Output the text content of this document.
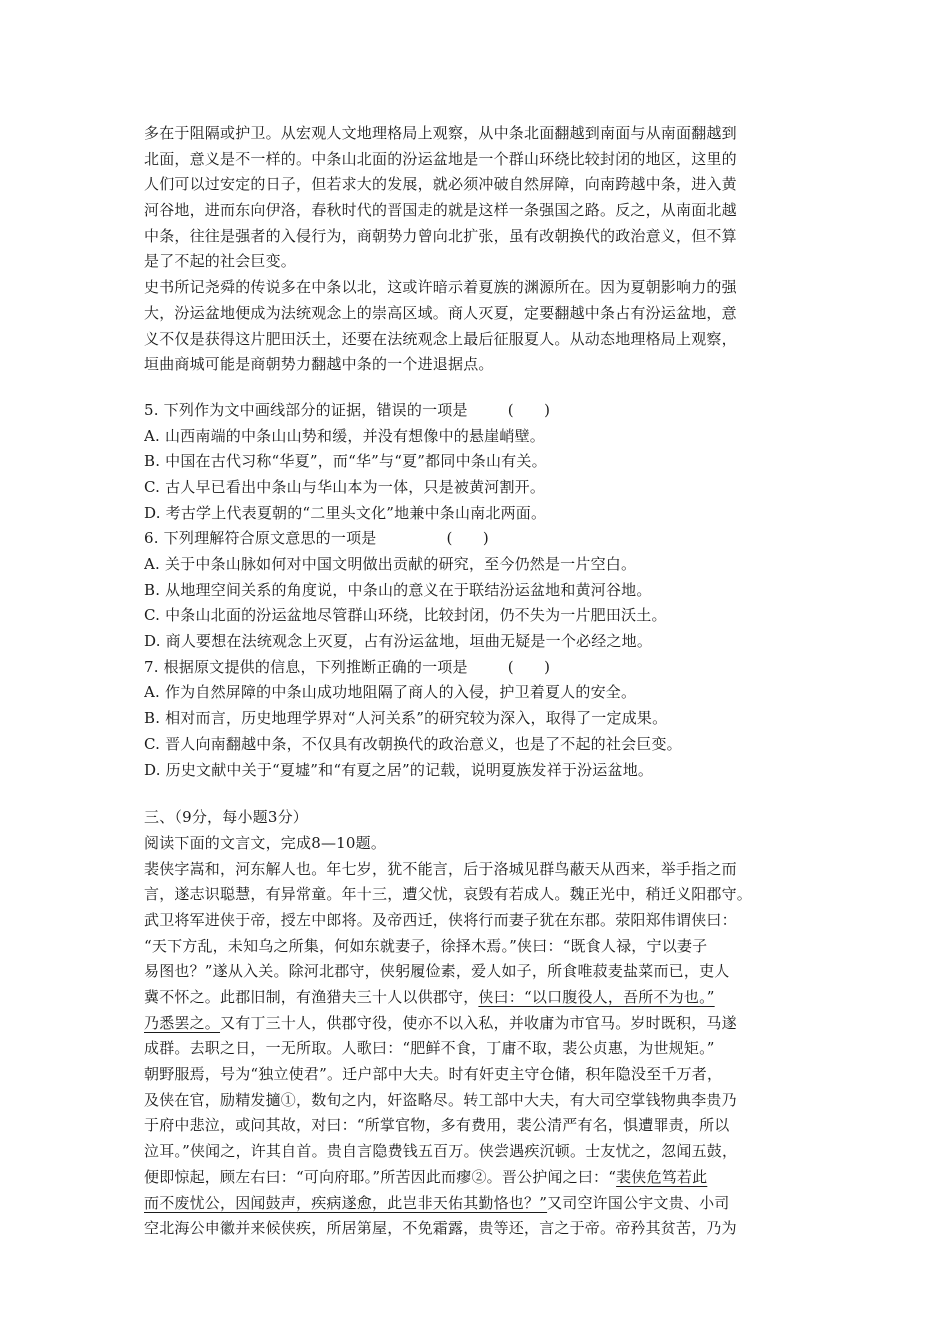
多在于阻隔或护卫。从宏观人文地理格局上观察，从中条北面翻越到南面与从南面翻越到
北面，意义是不一样的。中条山北面的汾运盆地是一个群山环绕比较封闭的地区，这里的
人们可以过安定的日子，但若求大的发展，就必须冲破自然屏障，向南跨越中条，进入黄
河谷地，进而东向伊洛，春秋时代的晋国走的就是这样一条强国之路。反之，从南面北越
中条，往往是强者的入侵行为，商朝势力曾向北扩张，虽有改朝换代的政治意义，但不算
是了不起的社会巨变。
史书所记尧舜的传说多在中条以北，这或许暗示着夏族的渊源所在。因为夏朝影响力的强
大，汾运盆地便成为法统观念上的崇高区域。商人灭夏，定要翻越中条占有汾运盆地，意
义不仅是获得这片肥田沃土，还要在法统观念上最后征服夏人。从动态地理格局上观察，
垣曲商城可能是商朝势力翻越中条的一个进退据点。
5. 下列作为文中画线部分的证据，错误的一项是	(　　)
A. 山西南端的中条山山势和缓，并没有想像中的悬崖峭壁。
B. 中国在古代习称“华夏”，而“华”与“夏”都同中条山有关。
C. 古人早已看出中条山与华山本为一体，只是被黄河割开。
D. 考古学上代表夏朝的“二里头文化”地兼中条山南北两面。
6. 下列理解符合原文意思的一项是	(　　)
A. 关于中条山脉如何对中国文明做出贡献的研究，至今仍然是一片空白。
B. 从地理空间关系的角度说，中条山的意义在于联结汾运盆地和黄河谷地。
C. 中条山北面的汾运盆地尽管群山环绕，比较封闭，仍不失为一片肥田沃土。
D. 商人要想在法统观念上灭夏，占有汾运盆地，垣曲无疑是一个必经之地。
7. 根据原文提供的信息，下列推断正确的一项是	(　　)
A. 作为自然屏障的中条山成功地阻隔了商人的入侵，护卫着夏人的安全。
B. 相对而言，历史地理学界对“人河关系”的研究较为深入，取得了一定成果。
C. 晋人向南翻越中条，不仅具有改朝换代的政治意义，也是了不起的社会巨变。
D. 历史文献中关于“夏墟”和“有夏之居”的记载，说明夏族发祥于汾运盆地。
三、（9分，每小题3分）
阅读下面的文言文，完成8—10题。
裴侠字嵩和，河东解人也。年七岁，犹不能言，后于洛城见群鸟蔽天从西来，举手指之而
言，遂志识聪慧，有异常童。年十三，遭父忧，哀毁有若成人。魏正光中，稍迁义阳郡守。
武卫将军进侠于帝，授左中郎将。及帝西迁，侠将行而妻子犹在东郡。荥阳郑伟谓侠曰：
“天下方乱，未知乌之所集，何如东就妻子，徐择木焉。”侠曰：“既食人禄，宁以妻子
易图也？”遂从入关。除河北郡守，侠躬履俭素，爱人如子，所食唯菽麦盐菜而已，吏人
冀不怀之。此郡旧制，有渔猎夫三十人以供郡守，侠曰：“以口腹役人，吾所不为也。”
乃悉罢之。又有丁三十人，供郡守役，使亦不以入私，并收庸为市官马。岁时既积，马遂
成群。去职之日，一无所取。人歌曰：“肥鲜不食，丁庸不取，裴公贞惠，为世规矩。”
朝野服焉，号为“独立使君”。迁户部中大夫。时有奸吏主守仓储，积年隐没至千万者，
及侠在官，励精发擿①，数旬之内，奸盗略尽。转工部中大夫，有大司空掌钱物典李贵乃
于府中悲泣，或问其故，对曰：“所掌官物，多有费用，裴公清严有名，惧遭罪责，所以
泣耳。”侠闻之，许其自首。贵自言隐费钱五百万。侠尝遇疾沉顿。士友忧之，忽闻五鼓，
便即惊起，顾左右曰：“可向府耶。”所苦因此而瘳②。晋公护闻之曰：“裴侠危笃若此
而不废忧公，因闻鼓声，疾病遂愈，此岂非天佑其勤恪也？”又司空许国公宇文贵、小司
空北海公申徽并来候侠疾，所居第屋，不免霜露，贵等还，言之于帝。帝矜其贫苦，乃为
